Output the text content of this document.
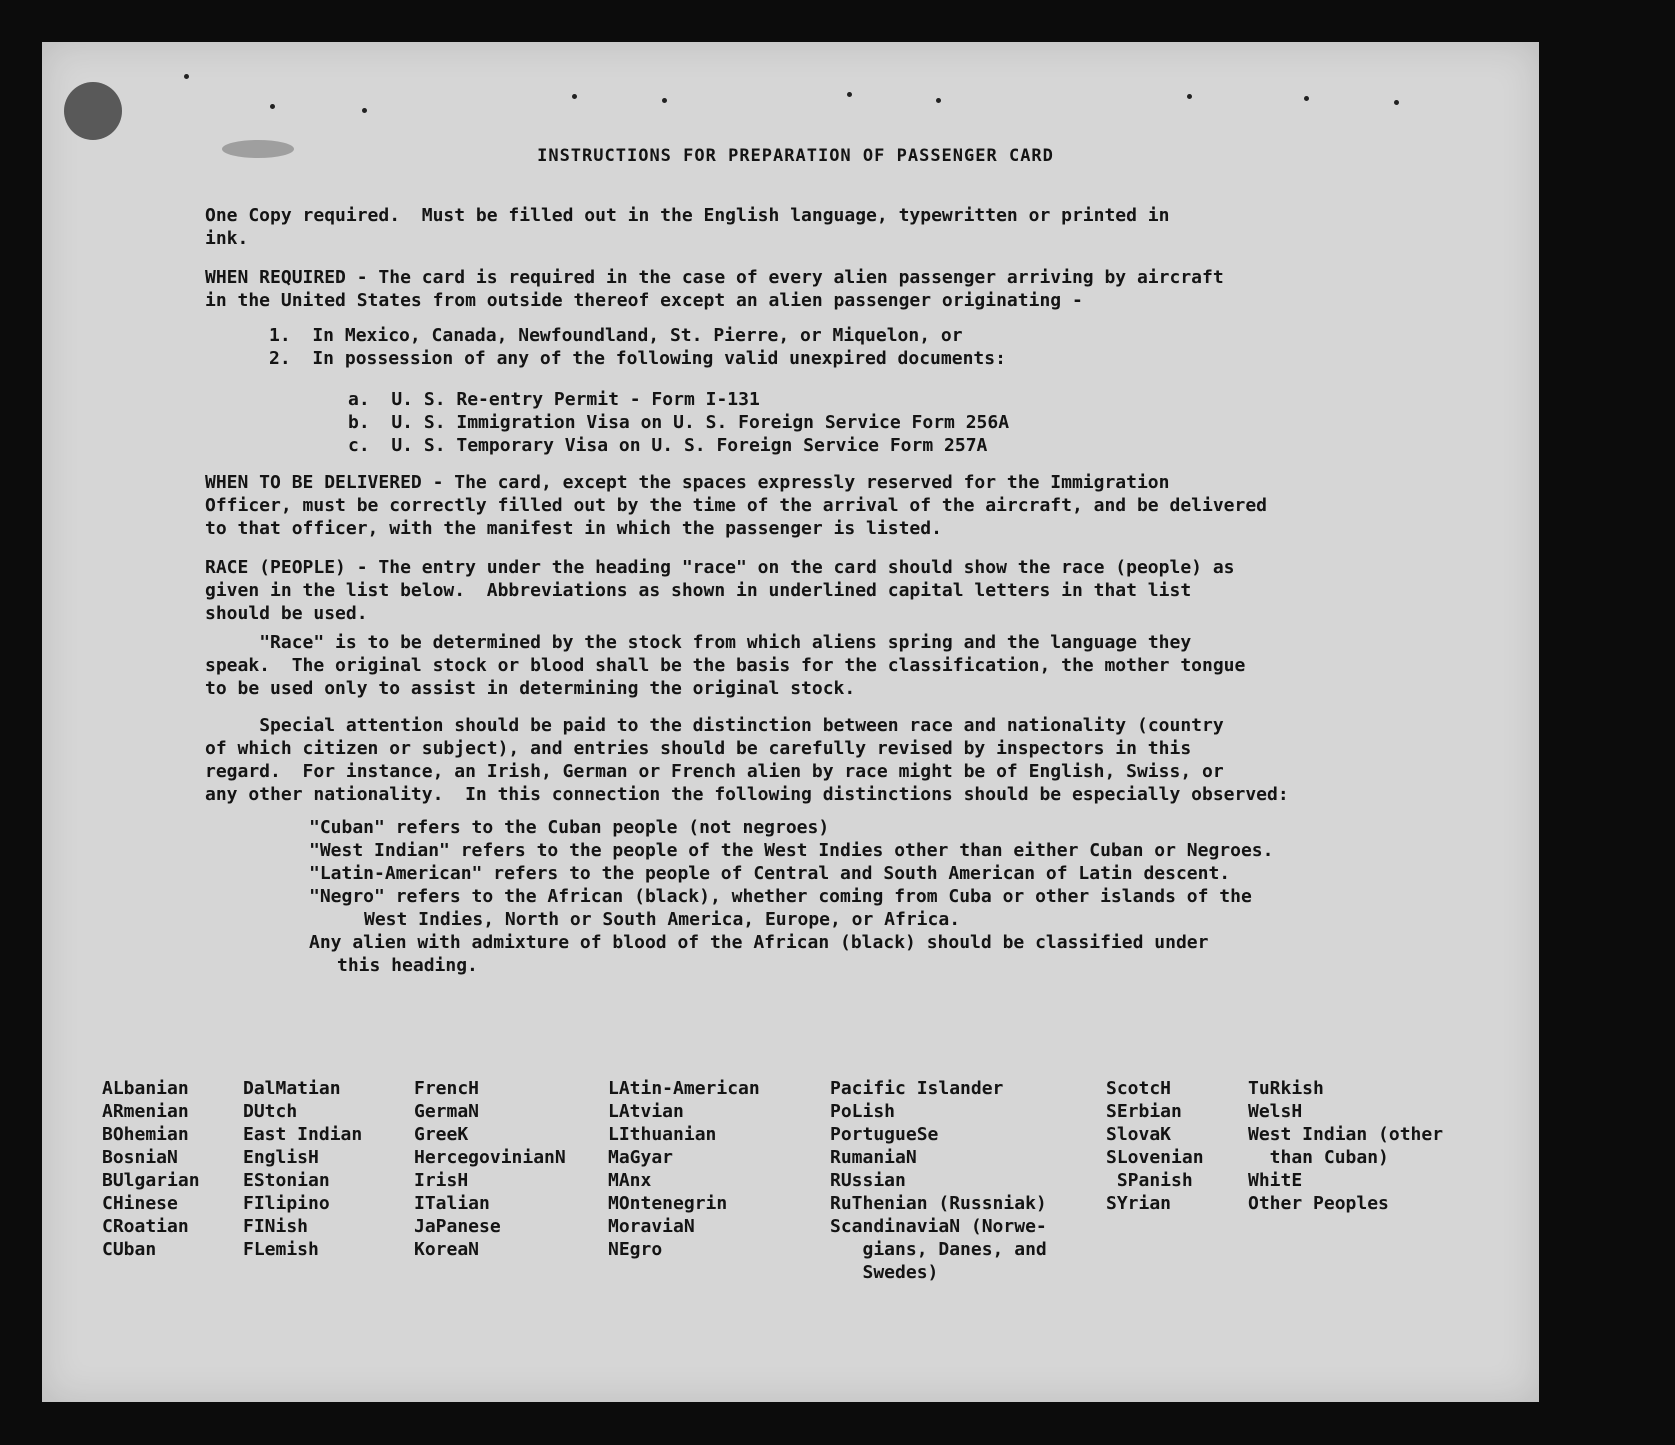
INSTRUCTIONS FOR PREPARATION OF PASSENGER CARD

One Copy required.  Must be filled out in the English language, typewritten or printed in
ink.

WHEN REQUIRED - The card is required in the case of every alien passenger arriving by aircraft
in the United States from outside thereof except an alien passenger originating -

1.  In Mexico, Canada, Newfoundland, St. Pierre, or Miquelon, or

2.  In possession of any of the following valid unexpired documents:

a.  U. S. Re-entry Permit - Form I-131

b.  U. S. Immigration Visa on U. S. Foreign Service Form 256A

c.  U. S. Temporary Visa on U. S. Foreign Service Form 257A

WHEN TO BE DELIVERED - The card, except the spaces expressly reserved for the Immigration
Officer, must be correctly filled out by the time of the arrival of the aircraft, and be delivered
to that officer, with the manifest in which the passenger is listed.

RACE (PEOPLE) - The entry under the heading "race" on the card should show the race (people) as
given in the list below.  Abbreviations as shown in underlined capital letters in that list
should be used.

"Race" is to be determined by the stock from which aliens spring and the language they
speak.  The original stock or blood shall be the basis for the classification, the mother tongue
to be used only to assist in determining the original stock.

Special attention should be paid to the distinction between race and nationality (country
of which citizen or subject), and entries should be carefully revised by inspectors in this
regard.  For instance, an Irish, German or French alien by race might be of English, Swiss, or
any other nationality.  In this connection the following distinctions should be especially observed:

"Cuban" refers to the Cuban people (not negroes)

"West Indian" refers to the people of the West Indies other than either Cuban or Negroes.

"Latin-American" refers to the people of Central and South American of Latin descent.

"Negro" refers to the African (black), whether coming from Cuba or other islands of the

West Indies, North or South America, Europe, or Africa.

Any alien with admixture of blood of the African (black) should be classified under

this heading.

ALbanian
ARmenian
BOhemian
BosniaN
BUlgarian
CHinese
CRoatian
CUban
DalMatian
DUtch
East Indian
EnglisH
EStonian
FIlipino
FINish
FLemish
FrencH
GermaN
GreeK
HercegovinianN
IrisH
ITalian
JaPanese
KoreaN
LAtin-American
LAtvian
LIthuanian
MaGyar
MAnx
MOntenegrin
MoraviaN
NEgro
Pacific Islander
PoLish
PortugueSe
RumaniaN
RUssian
RuThenian (Russniak)
ScandinaviaN (Norwe-
gians, Danes, and
Swedes)
ScotcH
SErbian
SlovaK
SLovenian
SPanish
SYrian
TuRkish
WelsH
West Indian (other
than Cuban)
WhitE
Other Peoples
